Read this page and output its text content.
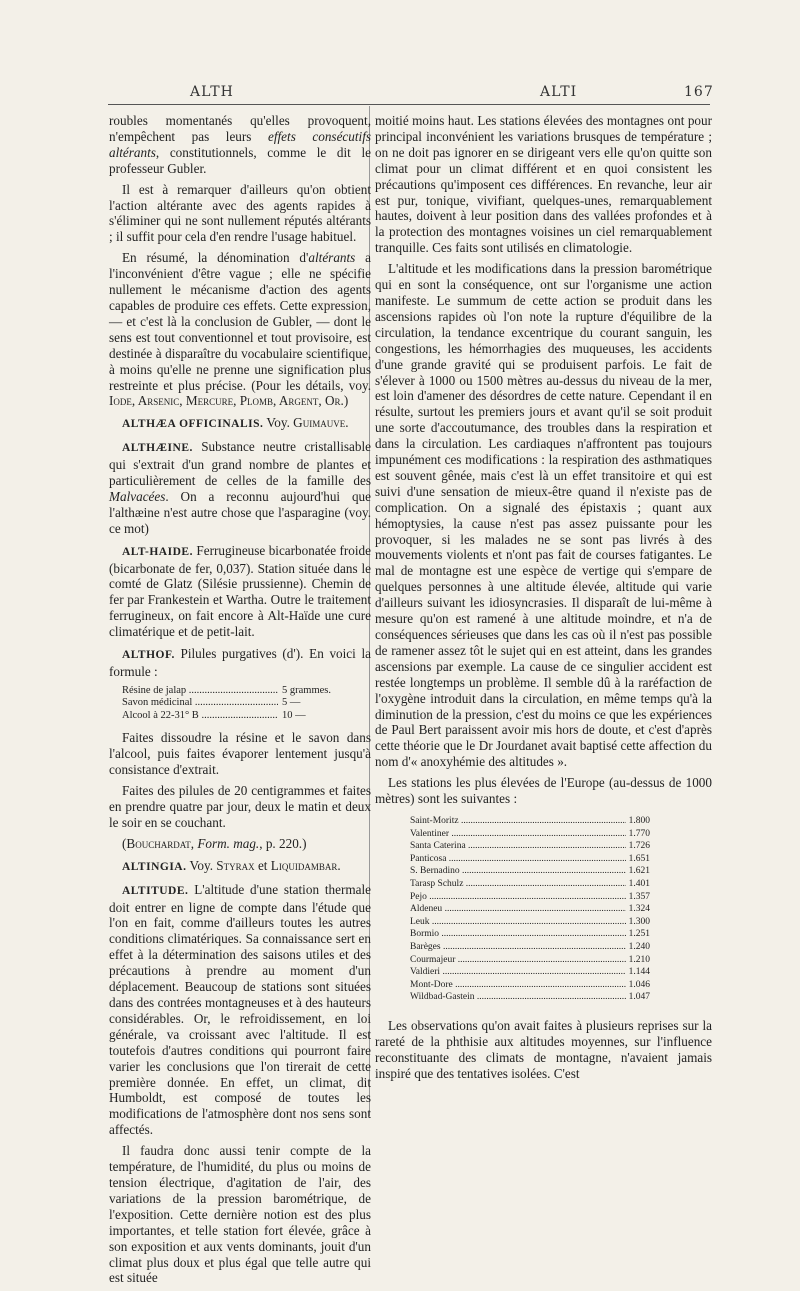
ALTH	ALTI	167

roubles momentanés qu'elles provoquent, n'empêchent pas leurs effets consécutifs altérants, constitutionnels, comme le dit le professeur Gubler.

Il est à remarquer d'ailleurs qu'on obtient l'action altérante avec des agents rapides à s'éliminer qui ne sont nullement réputés altérants ; il suffit pour cela d'en rendre l'usage habituel.

En résumé, la dénomination d'altérants a l'inconvénient d'être vague ; elle ne spécifie nullement le mécanisme d'action des agents capables de produire ces effets. Cette expression, — et c'est là la conclusion de Gubler, — dont le sens est tout conventionnel et tout provisoire, est destinée à disparaître du vocabulaire scientifique, à moins qu'elle ne prenne une signification plus restreinte et plus précise. (Pour les détails, voy. Iode, Arsenic, Mercure, Plomb, Argent, Or.)

ALTHÆA OFFICINALIS. Voy. Guimauve.

ALTHÆINE. Substance neutre cristallisable qui s'extrait d'un grand nombre de plantes et particulièrement de celles de la famille des Malvacées. On a reconnu aujourd'hui que l'althæine n'est autre chose que l'asparagine (voy. ce mot)

ALT-HAIDE. Ferrugineuse bicarbonatée froide (bicarbonate de fer, 0,037). Station située dans le comté de Glatz (Silésie prussienne). Chemin de fer par Frankestein et Wartha. Outre le traitement ferrugineux, on fait encore à Alt-Haïde une cure climatérique et de petit-lait.

ALTHOF. Pilules purgatives (d'). En voici la formule :

Résine de jalap .....	5 grammes.
Savon médicinal .....	5 —
Alcool à 22-31° B .....	10 —

Faites dissoudre la résine et le savon dans l'alcool, puis faites évaporer lentement jusqu'à consistance d'extrait.

Faites des pilules de 20 centigrammes et faites en prendre quatre par jour, deux le matin et deux le soir en se couchant.

(Bouchardat, Form. mag., p. 220.)

ALTINGIA. Voy. Styrax et Liquidambar.

ALTITUDE. L'altitude d'une station thermale doit entrer en ligne de compte dans l'étude que l'on en fait, comme d'ailleurs toutes les autres conditions climatériques. Sa connaissance sert en effet à la détermination des saisons utiles et des précautions à prendre au moment d'un déplacement. Beaucoup de stations sont situées dans des contrées montagneuses et à des hauteurs considérables. Or, le refroidissement, en loi générale, va croissant avec l'altitude. Il est toutefois d'autres conditions qui pourront faire varier les conclusions que l'on tirerait de cette première donnée. En effet, un climat, dit Humboldt, est composé de toutes les modifications de l'atmosphère dont nos sens sont affectés.

Il faudra donc aussi tenir compte de la température, de l'humidité, du plus ou moins de tension électrique, d'agitation de l'air, des variations de la pression barométrique, de l'exposition. Cette dernière notion est des plus importantes, et telle station fort élevée, grâce à son exposition et aux vents dominants, jouit d'un climat plus doux et plus égal que telle autre qui est située

moitié moins haut. Les stations élevées des montagnes ont pour principal inconvénient les variations brusques de température ; on ne doit pas ignorer en se dirigeant vers elle qu'on quitte son climat pour un climat différent et en quoi consistent les précautions qu'imposent ces différences. En revanche, leur air est pur, tonique, vivifiant, quelques-unes, remarquablement hautes, doivent à leur position dans des vallées profondes et à la protection des montagnes voisines un ciel remarquablement tranquille. Ces faits sont utilisés en climatologie.

L'altitude et les modifications dans la pression barométrique qui en sont la conséquence, ont sur l'organisme une action manifeste. Le summum de cette action se produit dans les ascensions rapides où l'on note la rupture d'équilibre de la circulation, la tendance excentrique du courant sanguin, les congestions, les hémorrhagies des muqueuses, les accidents d'une grande gravité qui se produisent parfois. Le fait de s'élever à 1000 ou 1500 mètres au-dessus du niveau de la mer, est loin d'amener des désordres de cette nature. Cependant il en résulte, surtout les premiers jours et avant qu'il se soit produit une sorte d'accoutumance, des troubles dans la respiration et dans la circulation. Les cardiaques n'affrontent pas toujours impunément ces modifications : la respiration des asthmatiques est souvent gênée, mais c'est là un effet transitoire et qui est suivi d'une sensation de mieux-être quand il n'existe pas de complication. On a signalé des épistaxis ; quant aux hémoptysies, la cause n'est pas assez puissante pour les provoquer, si les malades ne se sont pas livrés à des mouvements violents et n'ont pas fait de courses fatigantes. Le mal de montagne est une espèce de vertige qui s'empare de quelques personnes à une altitude élevée, altitude qui varie d'ailleurs suivant les idiosyncrasies. Il disparaît de lui-même à mesure qu'on est ramené à une altitude moindre, et n'a de conséquences sérieuses que dans les cas où il n'est pas possible de ramener assez tôt le sujet qui en est atteint, dans les grandes ascensions par exemple. La cause de ce singulier accident est restée longtemps un problème. Il semble dû à la raréfaction de l'oxygène introduit dans la circulation, en même temps qu'à la diminution de la pression, c'est du moins ce que les expériences de Paul Bert paraissent avoir mis hors de doute, et c'est d'après cette théorie que le Dr Jourdanet avait baptisé cette affection du nom d'« anoxyhémie des altitudes ».

Les stations les plus élevées de l'Europe (au-dessus de 1000 mètres) sont les suivantes :

Saint-Moritz .....	1.800
Valentiner .....	1.770
Santa Caterina .....	1.726
Panticosa .....	1.651
S. Bernadino .....	1.621
Tarasp Schulz .....	1.401
Pejo .....	1.357
Aldeneu .....	1.324
Leuk .....	1.300
Bormio .....	1.251
Barèges .....	1.240
Courmajeur .....	1.210
Valdieri .....	1.144
Mont-Dore .....	1.046
Wildbad-Gastein .....	1.047

Les observations qu'on avait faites à plusieurs reprises sur la rareté de la phthisie aux altitudes moyennes, sur l'influence reconstituante des climats de montagne, n'avaient jamais inspiré que des tentatives isolées. C'est
